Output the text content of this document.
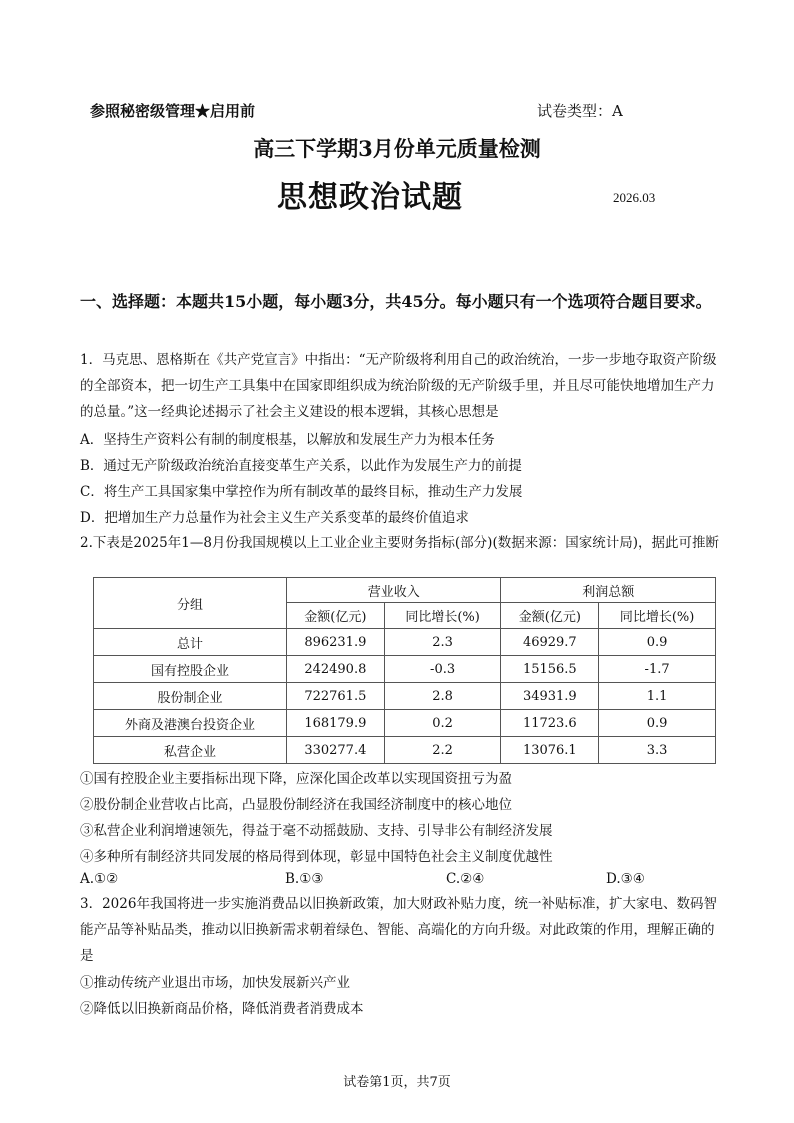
参照秘密级管理★启用前	试卷类型：A
高三下学期3月份单元质量检测
思想政治试题	2026.03
一、选择题：本题共15小题，每小题3分，共45分。每小题只有一个选项符合题目要求。
1．马克思、恩格斯在《共产党宣言》中指出：“无产阶级将利用自己的政治统治，一步一步地夺取资产阶级的全部资本，把一切生产工具集中在国家即组织成为统治阶级的无产阶级手里，并且尽可能快地增加生产力的总量。”这一经典论述揭示了社会主义建设的根本逻辑，其核心思想是
A．坚持生产资料公有制的制度根基，以解放和发展生产力为根本任务
B．通过无产阶级政治统治直接变革生产关系，以此作为发展生产力的前提
C．将生产工具国家集中掌控作为所有制改革的最终目标，推动生产力发展
D．把增加生产力总量作为社会主义生产关系变革的最终价值追求
2.下表是2025年1—8月份我国规模以上工业企业主要财务指标(部分)(数据来源：国家统计局)，据此可推断
分组	营业收入		利润总额	
	金额(亿元)	同比增长(%)	金额(亿元)	同比增长(%)
总计	896231.9	2.3	46929.7	0.9
国有控股企业	242490.8	-0.3	15156.5	-1.7
股份制企业	722761.5	2.8	34931.9	1.1
外商及港澳台投资企业	168179.9	0.2	11723.6	0.9
私营企业	330277.4	2.2	13076.1	3.3
①国有控股企业主要指标出现下降，应深化国企改革以实现国资扭亏为盈
②股份制企业营收占比高，凸显股份制经济在我国经济制度中的核心地位
③私营企业利润增速领先，得益于毫不动摇鼓励、支持、引导非公有制经济发展
④多种所有制经济共同发展的格局得到体现，彰显中国特色社会主义制度优越性
A.①②	B.①③	C.②④	D.③④
3．2026年我国将进一步实施消费品以旧换新政策，加大财政补贴力度，统一补贴标准，扩大家电、数码智能产品等补贴品类，推动以旧换新需求朝着绿色、智能、高端化的方向升级。对此政策的作用，理解正确的是
①推动传统产业退出市场，加快发展新兴产业
②降低以旧换新商品价格，降低消费者消费成本
试卷第1页，共7页
